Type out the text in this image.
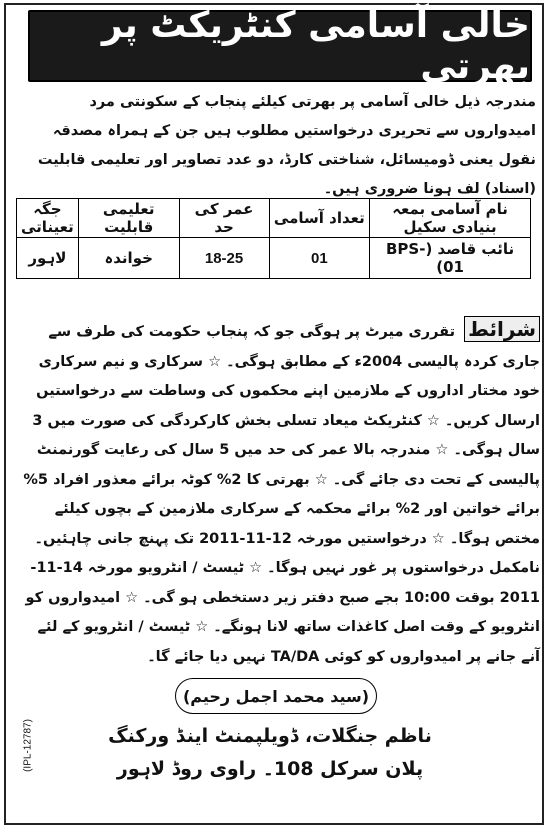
خالی آسامی کنٹریکٹ پر بھرتی
مندرجہ ذیل خالی آسامی پر بھرتی کیلئے پنجاب کے سکونتی مرد امیدواروں سے تحریری درخواستیں مطلوب ہیں جن کے ہمراہ مصدقہ نقول یعنی ڈومیسائل، شناختی کارڈ، دو عدد تصاویر اور تعلیمی قابلیت (اسناد) لف ہونا ضروری ہیں۔
نام آسامی بمعہ بنیادی سکیل	تعداد آسامی	عمر کی حد	تعلیمی قابلیت	جگہ تعیناتی
نائب قاصد (BPS-01)	01	18-25	خواندہ	لاہور
شرائط تقرری میرٹ پر ہوگی جو کہ پنجاب حکومت کی طرف سے جاری کردہ پالیسی 2004ء کے مطابق ہوگی۔ ☆ سرکاری و نیم سرکاری خود مختار اداروں کے ملازمین اپنے محکموں کی وساطت سے درخواستیں ارسال کریں۔ ☆ کنٹریکٹ میعاد تسلی بخش کارکردگی کی صورت میں 3 سال ہوگی۔ ☆ مندرجہ بالا عمر کی حد میں 5 سال کی رعایت گورنمنٹ پالیسی کے تحت دی جائے گی۔ ☆ بھرتی کا 2% کوٹہ برائے معذور افراد 5% برائے خواتین اور 2% برائے محکمہ کے سرکاری ملازمین کے بچوں کیلئے مختص ہوگا۔ ☆ درخواستیں مورخہ 12-11-2011 تک پہنچ جانی چاہئیں۔ نامکمل درخواستوں پر غور نہیں ہوگا۔ ☆ ٹیسٹ / انٹرویو مورخہ 14-11-2011 بوقت 10:00 بجے صبح دفتر زیر دستخطی ہو گی۔ ☆ امیدواروں کو انٹرویو کے وقت اصل کاغذات ساتھ لانا ہونگے۔ ☆ ٹیسٹ / انٹرویو کے لئے آنے جانے پر امیدواروں کو کوئی TA/DA نہیں دیا جائے گا۔
(سید محمد اجمل رحیم)
ناظم جنگلات، ڈویلپمنٹ اینڈ ورکنگ
پلان سرکل 108۔ راوی روڈ لاہور
(IPL-12787)
